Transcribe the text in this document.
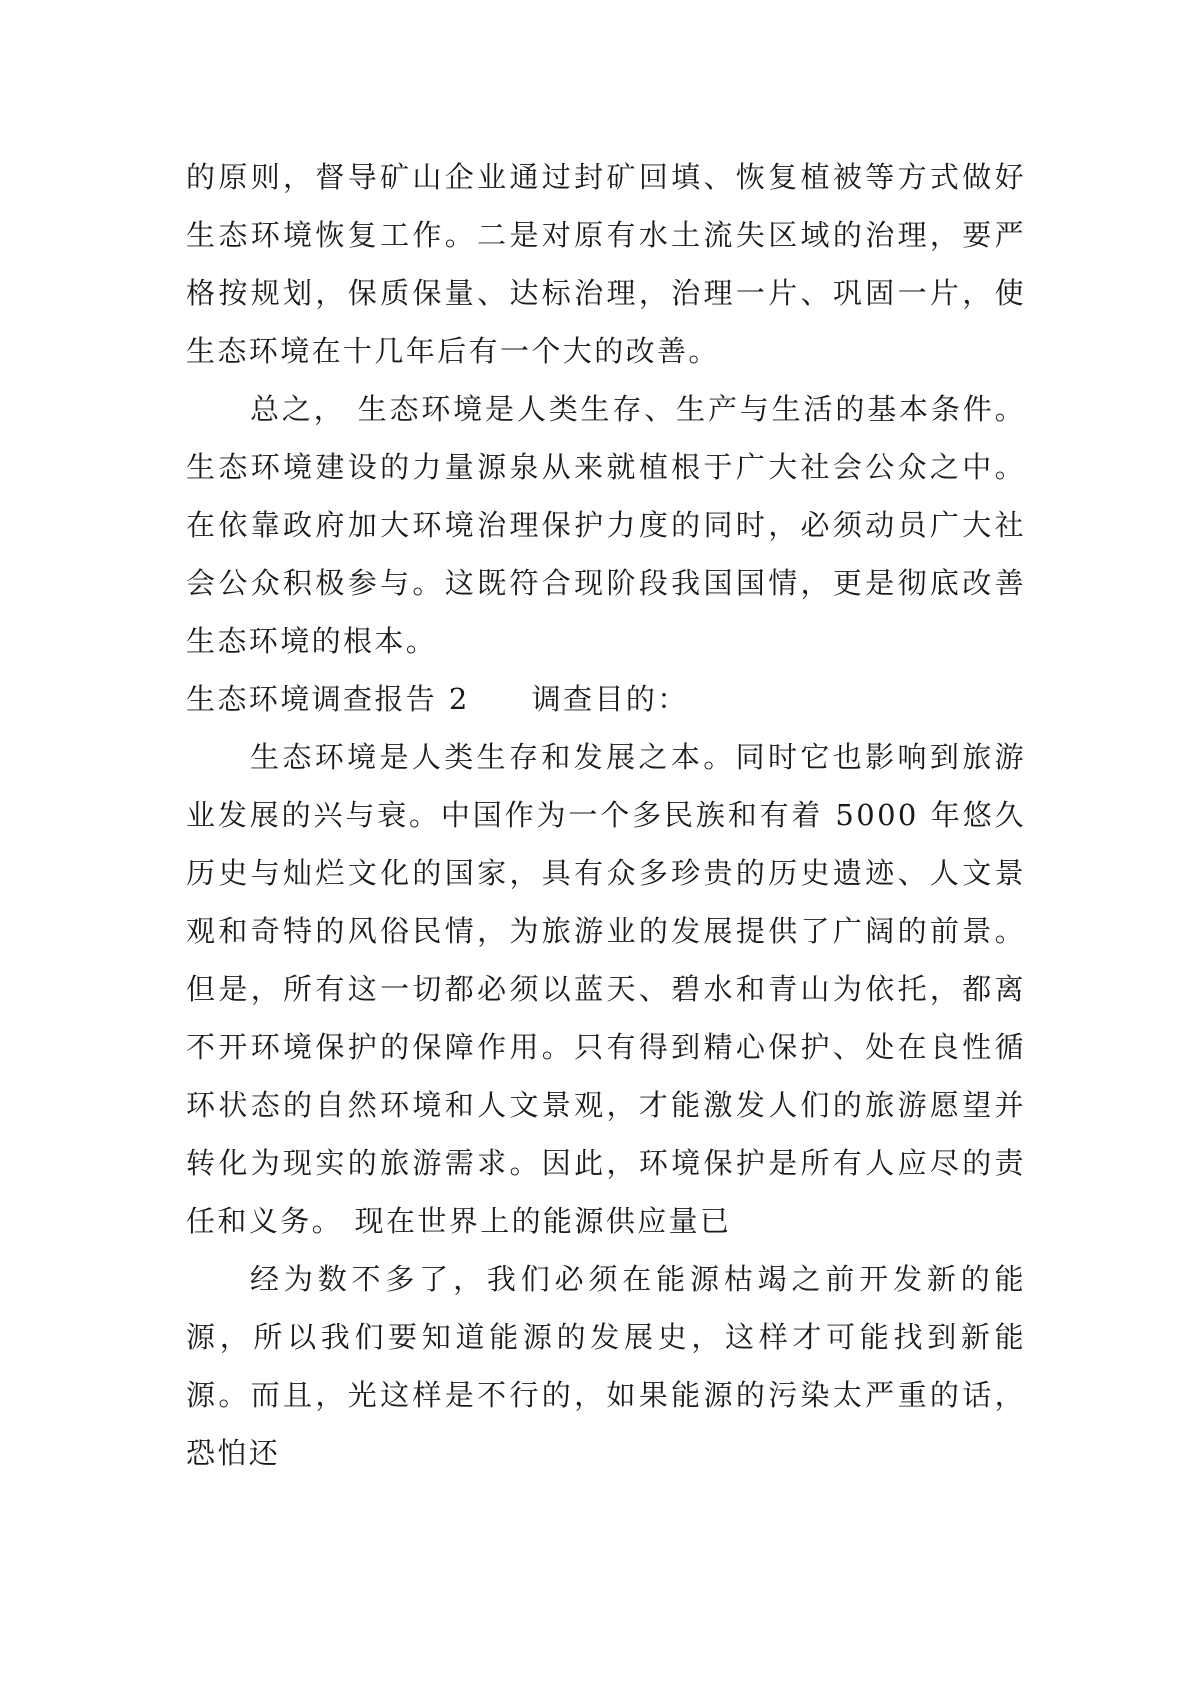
的原则，督导矿山企业通过封矿回填、恢复植被等方式做好生态环境恢复工作。二是对原有水土流失区域的治理，要严格按规划，保质保量、达标治理，治理一片、巩固一片，使生态环境在十几年后有一个大的改善。

总之， 生态环境是人类生存、生产与生活的基本条件。生态环境建设的力量源泉从来就植根于广大社会公众之中。在依靠政府加大环境治理保护力度的同时，必须动员广大社会公众积极参与。这既符合现阶段我国国情，更是彻底改善生态环境的根本。

生态环境调查报告 2 调查目的：

生态环境是人类生存和发展之本。同时它也影响到旅游业发展的兴与衰。中国作为一个多民族和有着 5000 年悠久历史与灿烂文化的国家，具有众多珍贵的历史遗迹、人文景观和奇特的风俗民情，为旅游业的发展提供了广阔的前景。但是，所有这一切都必须以蓝天、碧水和青山为依托，都离不开环境保护的保障作用。只有得到精心保护、处在良性循环状态的自然环境和人文景观，才能激发人们的旅游愿望并转化为现实的旅游需求。因此，环境保护是所有人应尽的责任和义务。 现在世界上的能源供应量已

经为数不多了，我们必须在能源枯竭之前开发新的能源，所以我们要知道能源的发展史，这样才可能找到新能源。而且，光这样是不行的，如果能源的污染太严重的话，恐怕还
